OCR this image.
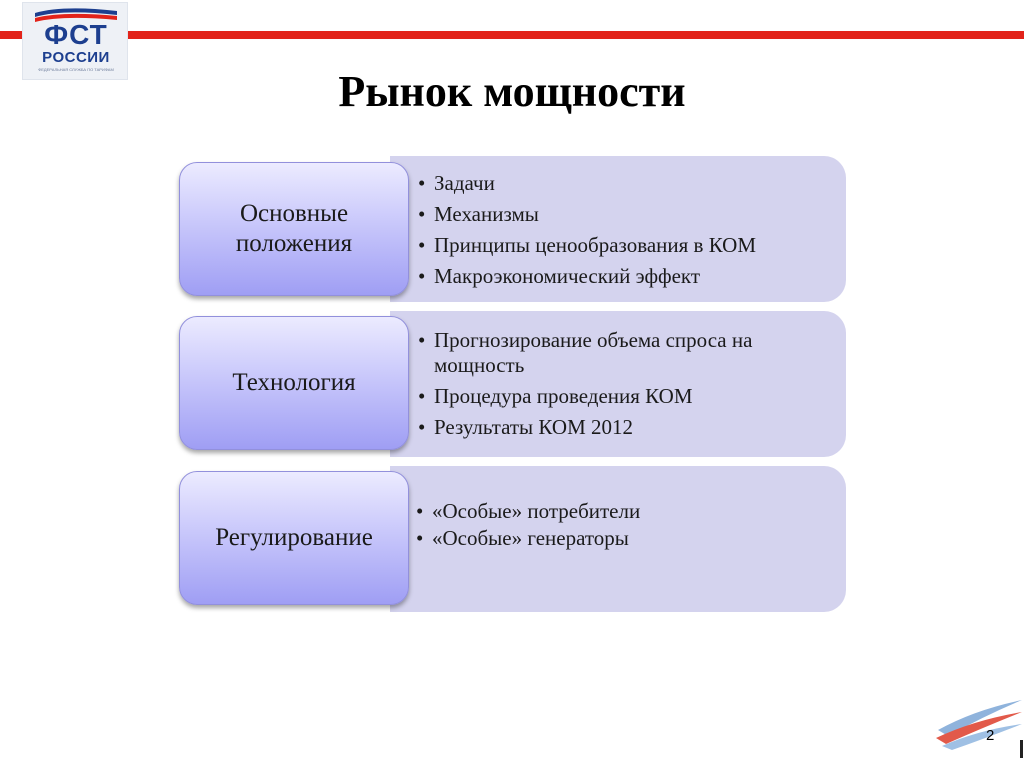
ФСТ
РОССИИ
ФЕДЕРАЛЬНАЯ СЛУЖБА ПО ТАРИФАМ	Рынок мощности
Основные
положения
• Задачи
• Механизмы
• Принципы ценообразования в КОМ
• Макроэкономический эффект
Технология
• Прогнозирование объема спроса на мощность
• Процедура проведения КОМ
• Результаты КОМ 2012
Регулирование
• «Особые» потребители
• «Особые» генераторы
2
